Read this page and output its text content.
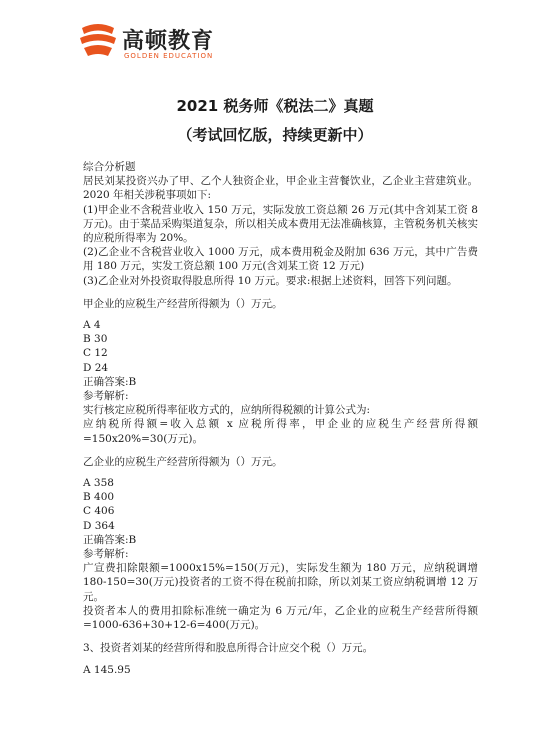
高顿教育
GOLDEN EDUCATION
2021 税务师《税法二》真题
（考试回忆版，持续更新中）

综合分析题

居民刘某投资兴办了甲、乙个人独资企业，甲企业主营餐饮业，乙企业主营建筑业。2020 年相关涉税事项如下:

(1)甲企业不含税营业收入 150 万元，实际发放工资总额 26 万元(其中含刘某工资 8 万元)。由于菜品采购渠道复杂，所以相关成本费用无法准确核算，主管税务机关核实的应税所得率为 20%。

(2)乙企业不含税营业收入 1000 万元，成本费用税金及附加 636 万元，其中广告费用 180 万元，实发工资总额 100 万元(含刘某工资 12 万元)

(3)乙企业对外投资取得股息所得 10 万元。要求:根据上述资料，回答下列问题。

甲企业的应税生产经营所得额为（）万元。

A 4

B 30

C 12

D 24

正确答案:B

参考解析:

实行核定应税所得率征收方式的，应纳所得税额的计算公式为:

应纳税所得额=收入总额 x 应税所得率，甲企业的应税生产经营所得额=150x20%=30(万元)。

乙企业的应税生产经营所得额为（）万元。

A 358

B 400

C 406

D 364

正确答案:B

参考解析:

广宣费扣除限额=1000x15%=150(万元)，实际发生额为 180 万元，应纳税调增 180-150=30(万元)投资者的工资不得在税前扣除，所以刘某工资应纳税调增 12 万元。

投资者本人的费用扣除标准统一确定为 6 万元/年，乙企业的应税生产经营所得额=1000-636+30+12-6=400(万元)。

3、投资者刘某的经营所得和股息所得合计应交个税（）万元。

A 145.95
